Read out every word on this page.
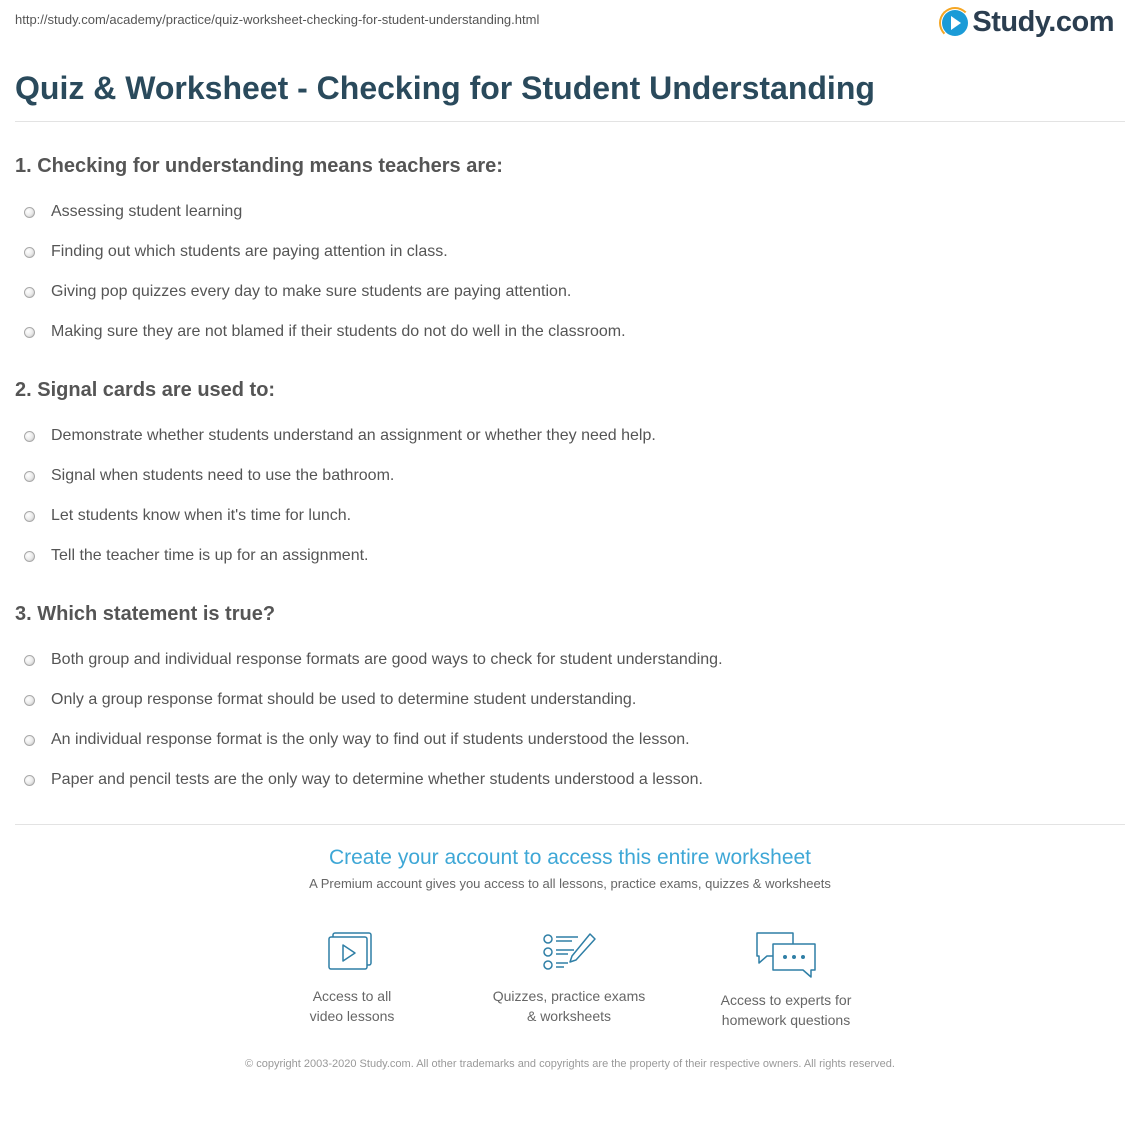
http://study.com/academy/practice/quiz-worksheet-checking-for-student-understanding.html	Study.com
Quiz & Worksheet - Checking for Student Understanding

1. Checking for understanding means teachers are:

Assessing student learning
Finding out which students are paying attention in class.
Giving pop quizzes every day to make sure students are paying attention.
Making sure they are not blamed if their students do not do well in the classroom.

2. Signal cards are used to:

Demonstrate whether students understand an assignment or whether they need help.
Signal when students need to use the bathroom.
Let students know when it's time for lunch.
Tell the teacher time is up for an assignment.

3. Which statement is true?

Both group and individual response formats are good ways to check for student understanding.
Only a group response format should be used to determine student understanding.
An individual response format is the only way to find out if students understood the lesson.
Paper and pencil tests are the only way to determine whether students understood a lesson.
Create your account to access this entire worksheet
A Premium account gives you access to all lessons, practice exams, quizzes & worksheets
Access to all
video lessons
Quizzes, practice exams
& worksheets
Access to experts for
homework questions
© copyright 2003-2020 Study.com. All other trademarks and copyrights are the property of their respective owners. All rights reserved.
